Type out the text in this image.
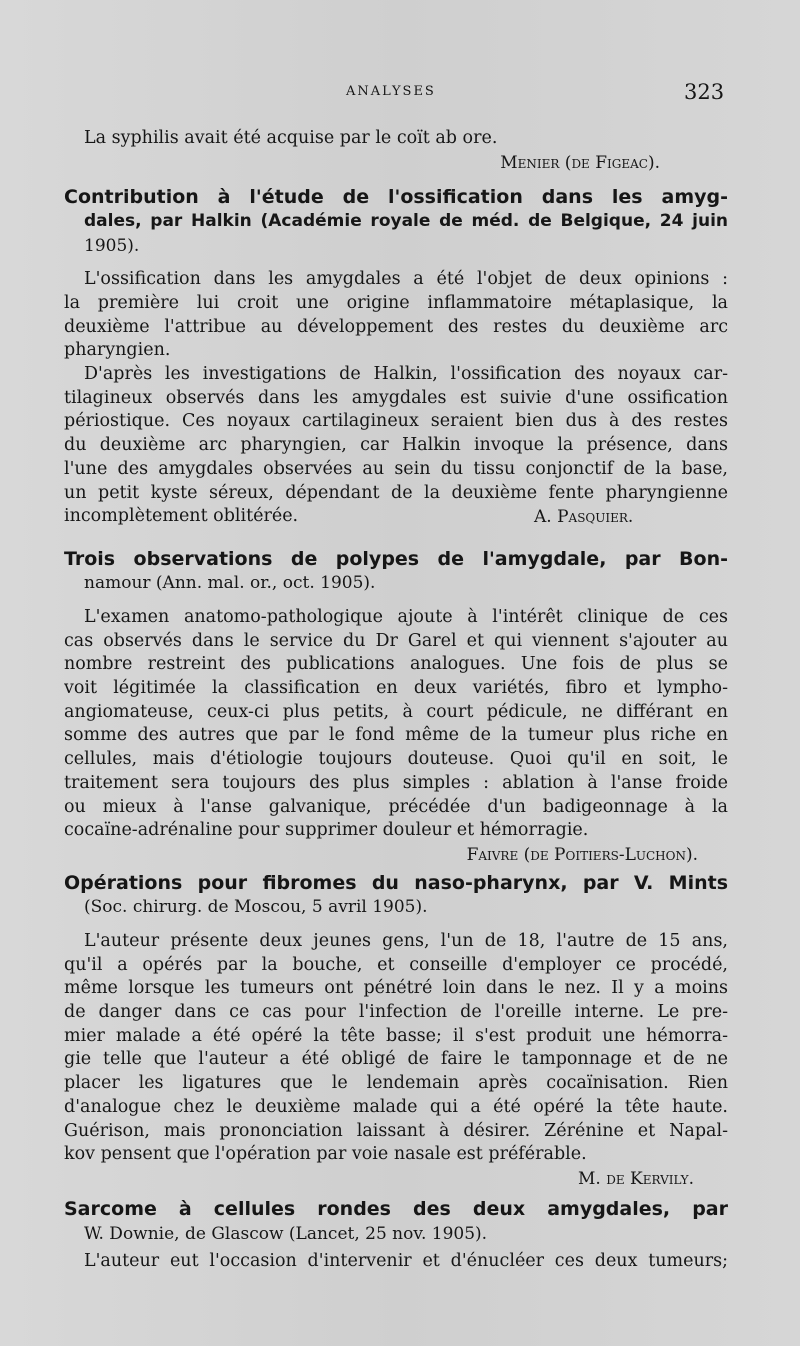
ANALYSES	323
La syphilis avait été acquise par le coït ab ore.
Menier (de Figeac).
Contribution à l'étude de l'ossification dans les amyg-
dales, par Halkin (Académie royale de méd. de Belgique, 24 juin
1905).
L'ossification dans les amygdales a été l'objet de deux opinions :
la première lui croit une origine inflammatoire métaplasique, la
deuxième l'attribue au développement des restes du deuxième arc
pharyngien.
D'après les investigations de Halkin, l'ossification des noyaux car-
tilagineux observés dans les amygdales est suivie d'une ossification
périostique. Ces noyaux cartilagineux seraient bien dus à des restes
du deuxième arc pharyngien, car Halkin invoque la présence, dans
l'une des amygdales observées au sein du tissu conjonctif de la base,
un petit kyste séreux, dépendant de la deuxième fente pharyngienne
incomplètement oblitérée.	A. Pasquier.
Trois observations de polypes de l'amygdale, par Bon-
namour (Ann. mal. or., oct. 1905).
L'examen anatomo-pathologique ajoute à l'intérêt clinique de ces
cas observés dans le service du Dr Garel et qui viennent s'ajouter au
nombre restreint des publications analogues. Une fois de plus se
voit légitimée la classification en deux variétés, fibro et lympho-
angiomateuse, ceux-ci plus petits, à court pédicule, ne différant en
somme des autres que par le fond même de la tumeur plus riche en
cellules, mais d'étiologie toujours douteuse. Quoi qu'il en soit, le
traitement sera toujours des plus simples : ablation à l'anse froide
ou mieux à l'anse galvanique, précédée d'un badigeonnage à la
cocaïne-adrénaline pour supprimer douleur et hémorragie.
Faivre (de Poitiers-Luchon).
Opérations pour fibromes du naso-pharynx, par V. Mints
(Soc. chirurg. de Moscou, 5 avril 1905).
L'auteur présente deux jeunes gens, l'un de 18, l'autre de 15 ans,
qu'il a opérés par la bouche, et conseille d'employer ce procédé,
même lorsque les tumeurs ont pénétré loin dans le nez. Il y a moins
de danger dans ce cas pour l'infection de l'oreille interne. Le pre-
mier malade a été opéré la tête basse; il s'est produit une hémorra-
gie telle que l'auteur a été obligé de faire le tamponnage et de ne
placer les ligatures que le lendemain après cocaïnisation. Rien
d'analogue chez le deuxième malade qui a été opéré la tête haute.
Guérison, mais prononciation laissant à désirer. Zérénine et Napal-
kov pensent que l'opération par voie nasale est préférable.
M. de Kervily.
Sarcome à cellules rondes des deux amygdales, par
W. Downie, de Glascow (Lancet, 25 nov. 1905).
L'auteur eut l'occasion d'intervenir et d'énucléer ces deux tumeurs;
